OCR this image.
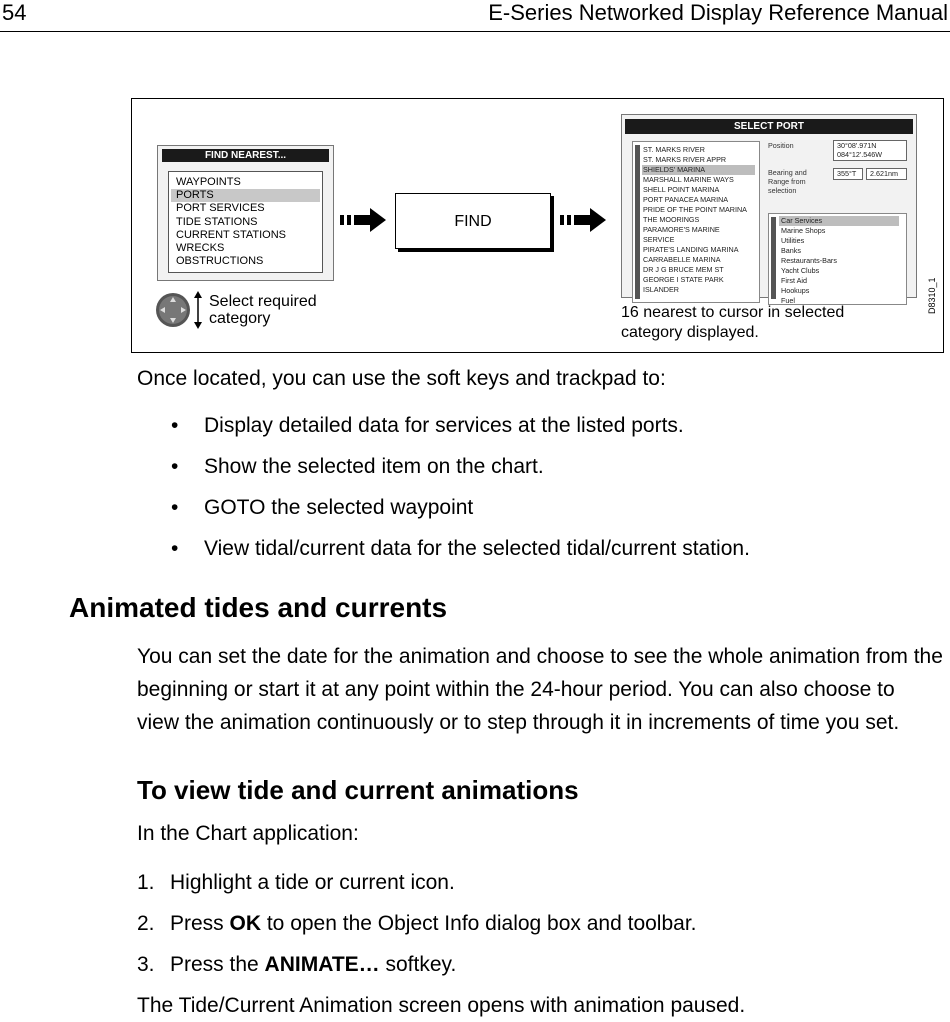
54	E-Series Networked Display Reference Manual
FIND NEAREST...
WAYPOINTS
PORTS
PORT SERVICES
TIDE STATIONS
CURRENT STATIONS
WRECKS
OBSTRUCTIONS
Select required
category
FIND
SELECT PORT
ST. MARKS RIVER
ST. MARKS RIVER APPR
SHIELDS' MARINA
MARSHALL MARINE WAYS
SHELL POINT MARINA
PORT PANACEA MARINA
PRIDE OF THE POINT MARINA
THE MOORINGS
PARAMORE'S MARINE
SERVICE
PIRATE'S LANDING MARINA
CARRABELLE MARINA
DR J G BRUCE MEM ST
GEORGE I STATE PARK
ISLANDER
Position	30°08'.971N
084°12'.546W
Bearing and
Range from
selection
355°T	2.621nm
Car Services
Marine Shops
Utilities
Banks
Restaurants-Bars
Yacht Clubs
First Aid
Hookups
Fuel
16 nearest to cursor in selected
category displayed.
D8310_1
Once located, you can use the soft keys and trackpad to:
• Display detailed data for services at the listed ports.
• Show the selected item on the chart.
• GOTO the selected waypoint
• View tidal/current data for the selected tidal/current station.
Animated tides and currents
You can set the date for the animation and choose to see the whole animation from the
beginning or start it at any point within the 24-hour period. You can also choose to
view the animation continuously or to step through it in increments of time you set.
To view tide and current animations
In the Chart application:
1. Highlight a tide or current icon.
2. Press OK to open the Object Info dialog box and toolbar.
3. Press the ANIMATE… softkey.
The Tide/Current Animation screen opens with animation paused.
